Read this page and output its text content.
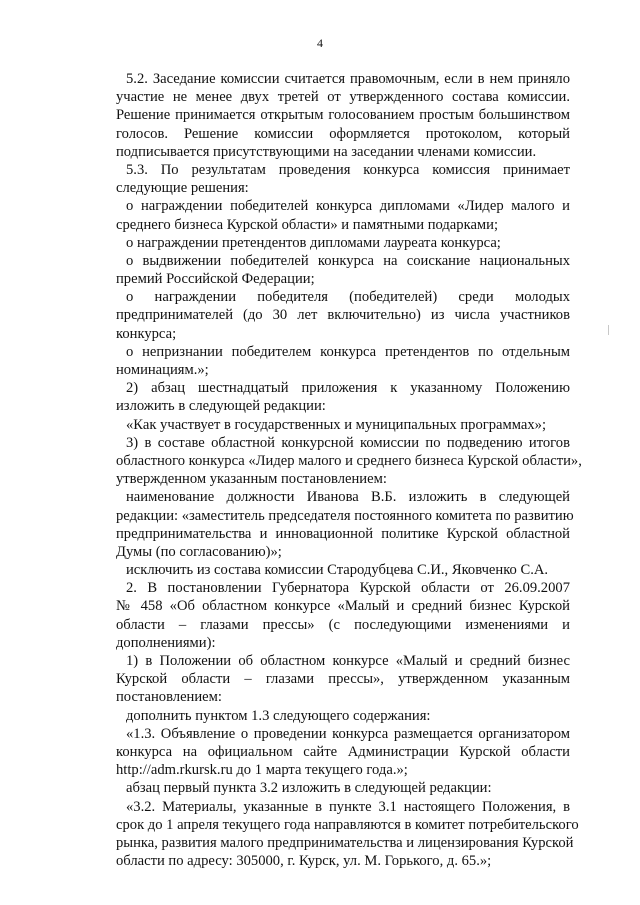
4
5.2. Заседание комиссии считается правомочным, если в нем приняло
участие не менее двух третей от утвержденного состава комиссии.
Решение принимается открытым голосованием простым большинством
голосов. Решение комиссии оформляется протоколом, который
подписывается присутствующими на заседании членами комиссии.
5.3. По результатам проведения конкурса комиссия принимает
следующие решения:
о награждении победителей конкурса дипломами «Лидер малого и
среднего бизнеса Курской области» и памятными подарками;
о награждении претендентов дипломами лауреата конкурса;
о выдвижении победителей конкурса на соискание национальных
премий Российской Федерации;
о награждении победителя (победителей) среди молодых
предпринимателей (до 30 лет включительно) из числа участников
конкурса;
о непризнании победителем конкурса претендентов по отдельным
номинациям.»;
2) абзац шестнадцатый приложения к указанному Положению
изложить в следующей редакции:
«Как участвует в государственных и муниципальных программах»;
3) в составе областной конкурсной комиссии по подведению итогов
областного конкурса «Лидер малого и среднего бизнеса Курской области»,
утвержденном указанным постановлением:
наименование должности Иванова В.Б. изложить в следующей
редакции: «заместитель председателя постоянного комитета по развитию
предпринимательства и инновационной политике Курской областной
Думы (по согласованию)»;
исключить из состава комиссии Стародубцева С.И., Яковченко С.А.
2. В постановлении Губернатора Курской области от 26.09.2007
№ 458 «Об областном конкурсе «Малый и средний бизнес Курской
области – глазами прессы» (с последующими изменениями и
дополнениями):
1) в Положении об областном конкурсе «Малый и средний бизнес
Курской области – глазами прессы», утвержденном указанным
постановлением:
дополнить пунктом 1.3 следующего содержания:
«1.3. Объявление о проведении конкурса размещается организатором
конкурса на официальном сайте Администрации Курской области
http://adm.rkursk.ru до 1 марта текущего года.»;
абзац первый пункта 3.2 изложить в следующей редакции:
«3.2. Материалы, указанные в пункте 3.1 настоящего Положения, в
срок до 1 апреля текущего года направляются в комитет потребительского
рынка, развития малого предпринимательства и лицензирования Курской
области по адресу: 305000, г. Курск, ул. М. Горького, д. 65.»;
